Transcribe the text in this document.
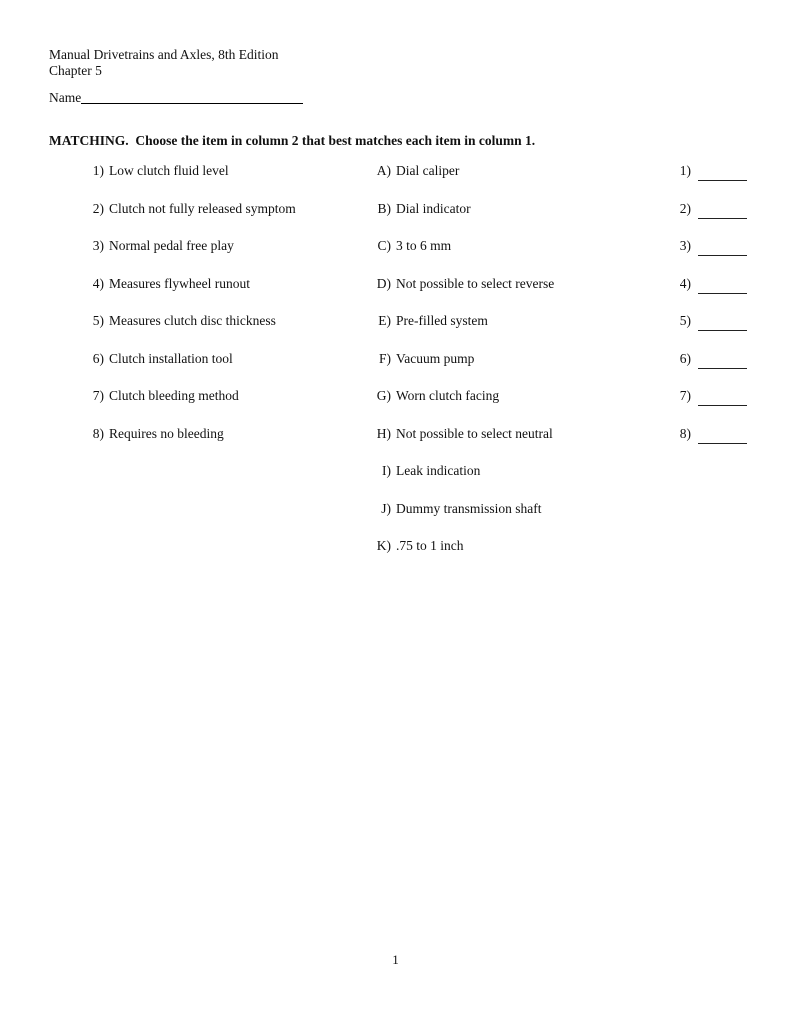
Manual Drivetrains and Axles, 8th Edition
Chapter 5
Name
MATCHING.  Choose the item in column 2 that best matches each item in column 1.
1) Low clutch fluid level
2) Clutch not fully released symptom
3) Normal pedal free play
4) Measures flywheel runout
5) Measures clutch disc thickness
6) Clutch installation tool
7) Clutch bleeding method
8) Requires no bleeding
A) Dial caliper
B) Dial indicator
C) 3 to 6 mm
D) Not possible to select reverse
E) Pre-filled system
F) Vacuum pump
G) Worn clutch facing
H) Not possible to select neutral
I) Leak indication
J) Dummy transmission shaft
K) .75 to 1 inch
1)
2)
3)
4)
5)
6)
7)
8)
1
